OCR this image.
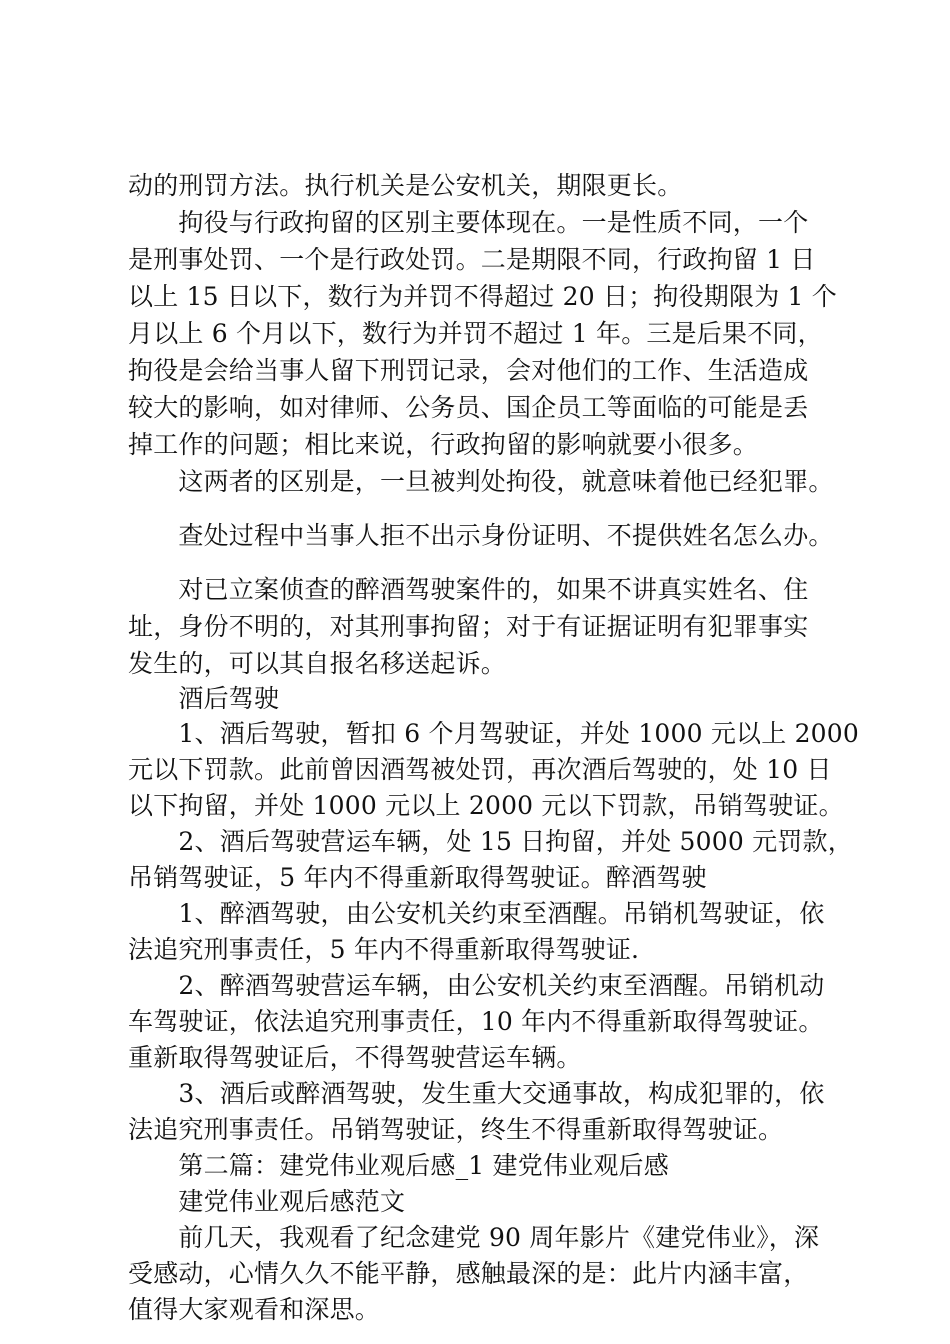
动的刑罚方法。执行机关是公安机关，期限更长。
　　拘役与行政拘留的区别主要体现在。一是性质不同，一个
是刑事处罚、一个是行政处罚。二是期限不同，行政拘留 1 日
以上 15 日以下，数行为并罚不得超过 20 日；拘役期限为 1 个
月以上 6 个月以下，数行为并罚不超过 1 年。三是后果不同，
拘役是会给当事人留下刑罚记录，会对他们的工作、生活造成
较大的影响，如对律师、公务员、国企员工等面临的可能是丢
掉工作的问题；相比来说，行政拘留的影响就要小很多。
　　这两者的区别是，一旦被判处拘役，就意味着他已经犯罪。
　　查处过程中当事人拒不出示身份证明、不提供姓名怎么办。
　　对已立案侦查的醉酒驾驶案件的，如果不讲真实姓名、住
址，身份不明的，对其刑事拘留；对于有证据证明有犯罪事实
发生的，可以其自报名移送起诉。
　　酒后驾驶
　　1、酒后驾驶，暂扣 6 个月驾驶证，并处 1000 元以上 2000
元以下罚款。此前曾因酒驾被处罚，再次酒后驾驶的，处 10 日
以下拘留，并处 1000 元以上 2000 元以下罚款，吊销驾驶证。
　　2、酒后驾驶营运车辆，处 15 日拘留，并处 5000 元罚款，
吊销驾驶证，5 年内不得重新取得驾驶证。醉酒驾驶
　　1、醉酒驾驶，由公安机关约束至酒醒。吊销机驾驶证，依
法追究刑事责任，5 年内不得重新取得驾驶证.
　　2、醉酒驾驶营运车辆，由公安机关约束至酒醒。吊销机动
车驾驶证，依法追究刑事责任，10 年内不得重新取得驾驶证。
重新取得驾驶证后，不得驾驶营运车辆。
　　3、酒后或醉酒驾驶，发生重大交通事故，构成犯罪的，依
法追究刑事责任。吊销驾驶证，终生不得重新取得驾驶证。
　　第二篇：建党伟业观后感_1 建党伟业观后感
　　建党伟业观后感范文
　　前几天，我观看了纪念建党 90 周年影片《建党伟业》，深
受感动，心情久久不能平静，感触最深的是：此片内涵丰富，
值得大家观看和深思。
